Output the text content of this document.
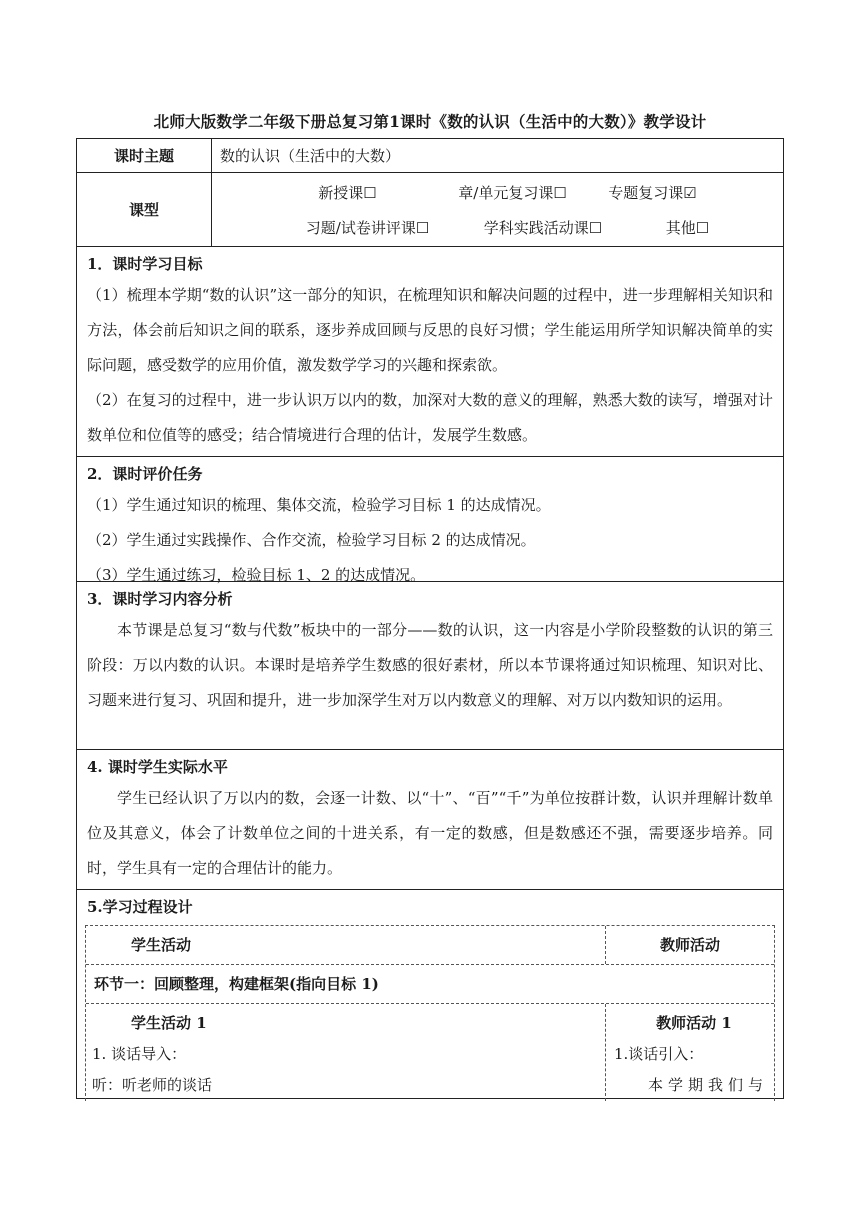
北师大版数学二年级下册总复习第1课时《数的认识（生活中的大数）》教学设计
课时主题	数的认识（生活中的大数）
课型
新授课☐	章/单元复习课☐	专题复习课☑
习题/试卷讲评课☐	学科实践活动课☐	其他☐
1．课时学习目标
（1）梳理本学期“数的认识”这一部分的知识，在梳理知识和解决问题的过程中，进一步理解相关知识和方法，体会前后知识之间的联系，逐步养成回顾与反思的良好习惯；学生能运用所学知识解决简单的实际问题，感受数学的应用价值，激发数学学习的兴趣和探索欲。
（2）在复习的过程中，进一步认识万以内的数，加深对大数的意义的理解，熟悉大数的读写，增强对计数单位和位值等的感受；结合情境进行合理的估计，发展学生数感。
2．课时评价任务
（1）学生通过知识的梳理、集体交流，检验学习目标 1 的达成情况。
（2）学生通过实践操作、合作交流，检验学习目标 2 的达成情况。
（3）学生通过练习，检验目标 1、2 的达成情况。
3．课时学习内容分析
本节课是总复习“数与代数”板块中的一部分——数的认识，这一内容是小学阶段整数的认识的第三阶段：万以内数的认识。本课时是培养学生数感的很好素材，所以本节课将通过知识梳理、知识对比、习题来进行复习、巩固和提升，进一步加深学生对万以内数意义的理解、对万以内数知识的运用。
4. 课时学生实际水平
学生已经认识了万以内的数，会逐一计数、以“十”、“百”“千”为单位按群计数，认识并理解计数单位及其意义，体会了计数单位之间的十进关系，有一定的数感，但是数感还不强，需要逐步培养。同时，学生具有一定的合理估计的能力。
5.学习过程设计
学生活动	教师活动
环节一：回顾整理，构建框架(指向目标 1)
学生活动 1
1. 谈话导入：
听：听老师的谈话
教师活动 1
1.谈话引入：
本学期我们与
